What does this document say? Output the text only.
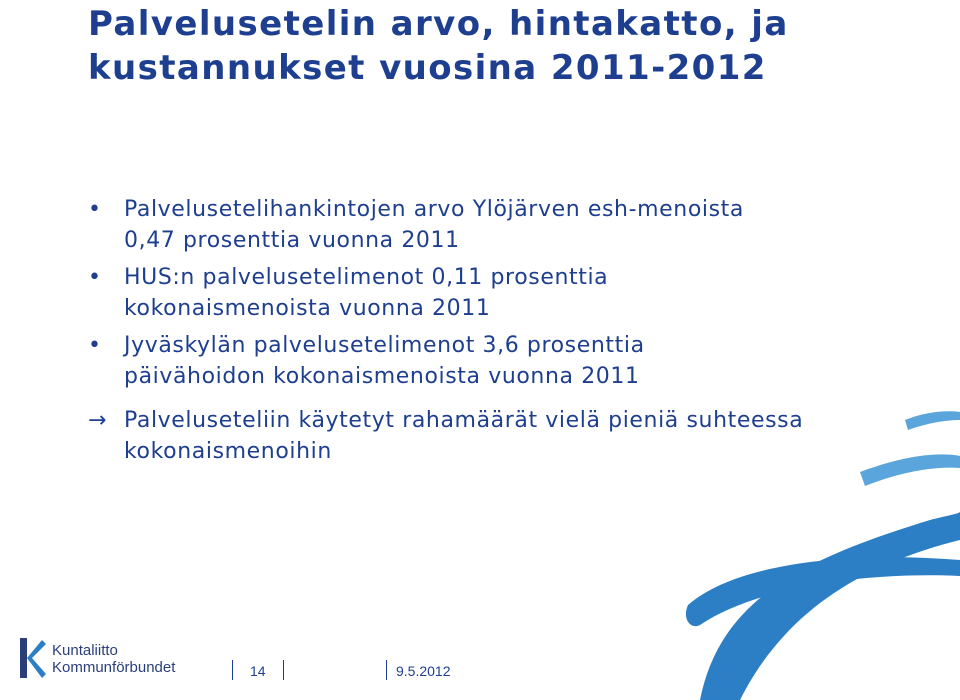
Palvelusetelin arvo, hintakatto, ja kustannukset vuosina 2011-2012
•	Palvelusetelihankintojen arvo Ylöjärven esh-menoista 0,47 prosenttia vuonna 2011
•	HUS:n palvelusetelimenot 0,11 prosenttia kokonaismenoista vuonna 2011
•	Jyväskylän palvelusetelimenot 3,6 prosenttia päivähoidon kokonaismenoista vuonna 2011
→ Palveluseteliin käytetyt rahamäärät vielä pieniä suhteessa kokonaismenoihin
Kuntaliitto
Kommunförbundet	14	9.5.2012
